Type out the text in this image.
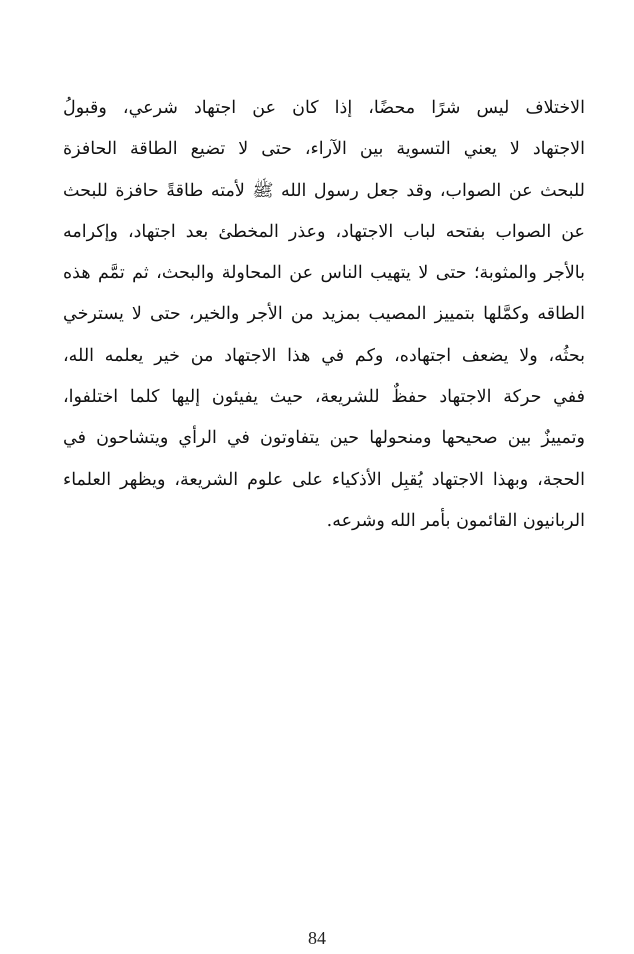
الاختلاف ليس شرًا محضًا، إذا كان عن اجتهاد شرعي، وقبولُ
الاجتهاد لا يعني التسوية بين الآراء، حتى لا تضيع الطاقة الحافزة
للبحث عن الصواب، وقد جعل رسول الله ﷺ لأمته طاقةً حافزة للبحث
عن الصواب بفتحه لباب الاجتهاد، وعذر المخطئ بعد اجتهاد، وإكرامه
بالأجر والمثوبة؛ حتى لا يتهيب الناس عن المحاولة والبحث، ثم تمَّم هذه
الطاقه وكمَّلها بتمييز المصيب بمزيد من الأجر والخير، حتى لا يسترخي
بحثُه، ولا يضعف اجتهاده، وكم في هذا الاجتهاد من خير يعلمه الله،
ففي حركة الاجتهاد حفظٌ للشريعة، حيث يفيئون إليها كلما اختلفوا،
وتمييزٌ بين صحيحها ومنحولها حين يتفاوتون في الرأي ويتشاحون في
الحجة، وبهذا الاجتهاد يُقبِل الأذكياء على علوم الشريعة، ويظهر العلماء
الربانيون القائمون بأمر الله وشرعه.
84
